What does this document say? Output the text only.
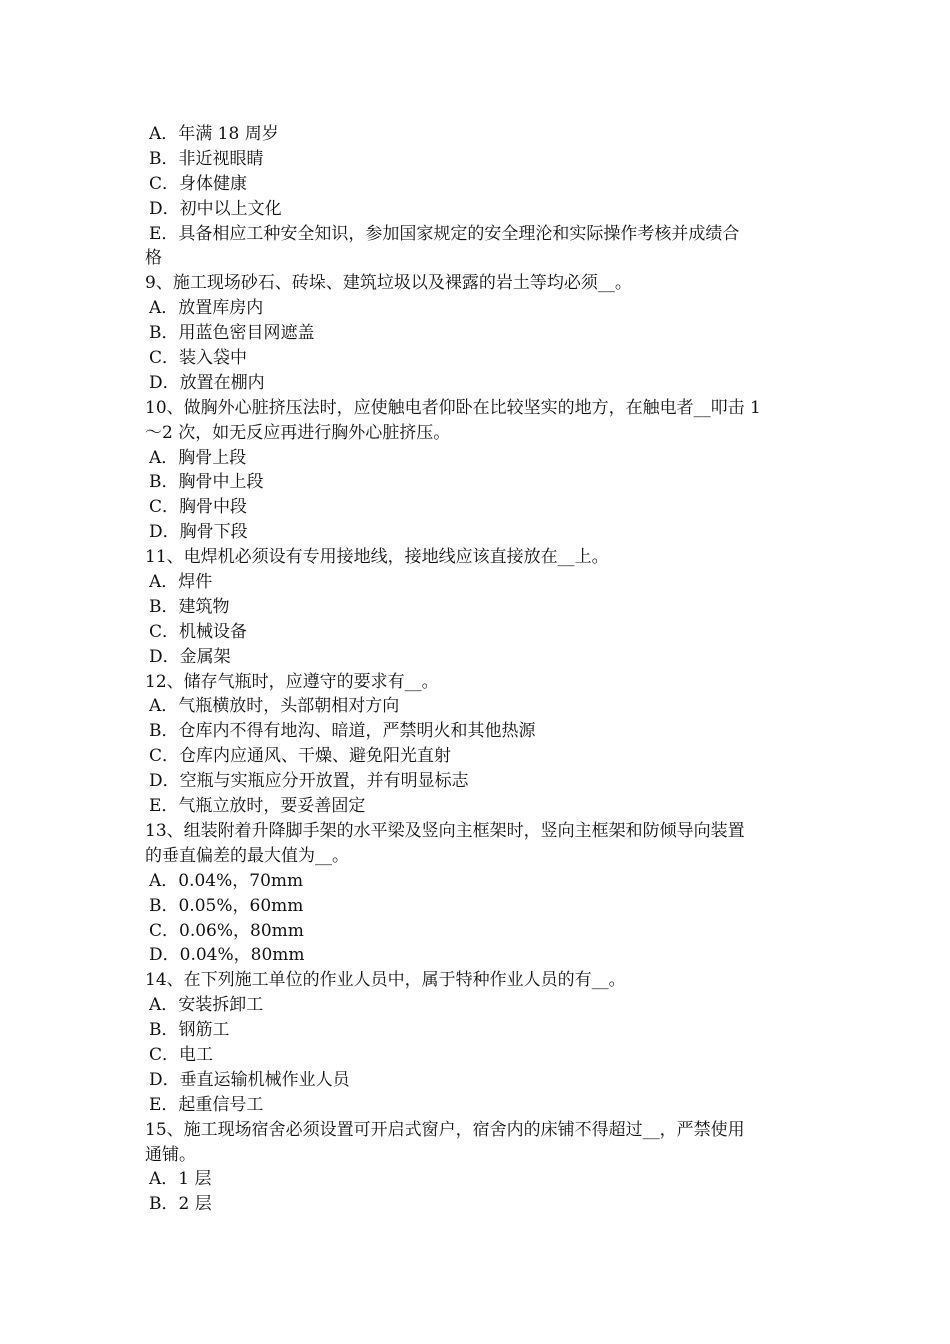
A．年满 18 周岁
B．非近视眼睛
C．身体健康
D．初中以上文化
E．具备相应工种安全知识，参加国家规定的安全理沦和实际操作考核并成绩合
格
9、施工现场砂石、砖垛、建筑垃圾以及裸露的岩土等均必须__。
A．放置库房内
B．用蓝色密目网遮盖
C．装入袋中
D．放置在棚内
10、做胸外心脏挤压法时，应使触电者仰卧在比较坚实的地方，在触电者__叩击 1
～2 次，如无反应再进行胸外心脏挤压。
A．胸骨上段
B．胸骨中上段
C．胸骨中段
D．胸骨下段
11、电焊机必须设有专用接地线，接地线应该直接放在__上。
A．焊件
B．建筑物
C．机械设备
D．金属架
12、储存气瓶时，应遵守的要求有__。
A．气瓶横放时，头部朝相对方向
B．仓库内不得有地沟、暗道，严禁明火和其他热源
C．仓库内应通风、干燥、避免阳光直射
D．空瓶与实瓶应分开放置，并有明显标志
E．气瓶立放时，要妥善固定
13、组装附着升降脚手架的水平梁及竖向主框架时，竖向主框架和防倾导向装置
的垂直偏差的最大值为__。
A．0.04%，70mm
B．0.05%，60mm
C．0.06%，80mm
D．0.04%，80mm
14、在下列施工单位的作业人员中，属于特种作业人员的有__。
A．安装拆卸工
B．钢筋工
C．电工
D．垂直运输机械作业人员
E．起重信号工
15、施工现场宿舍必须设置可开启式窗户，宿舍内的床铺不得超过__，严禁使用
通铺。
A．1 层
B．2 层
